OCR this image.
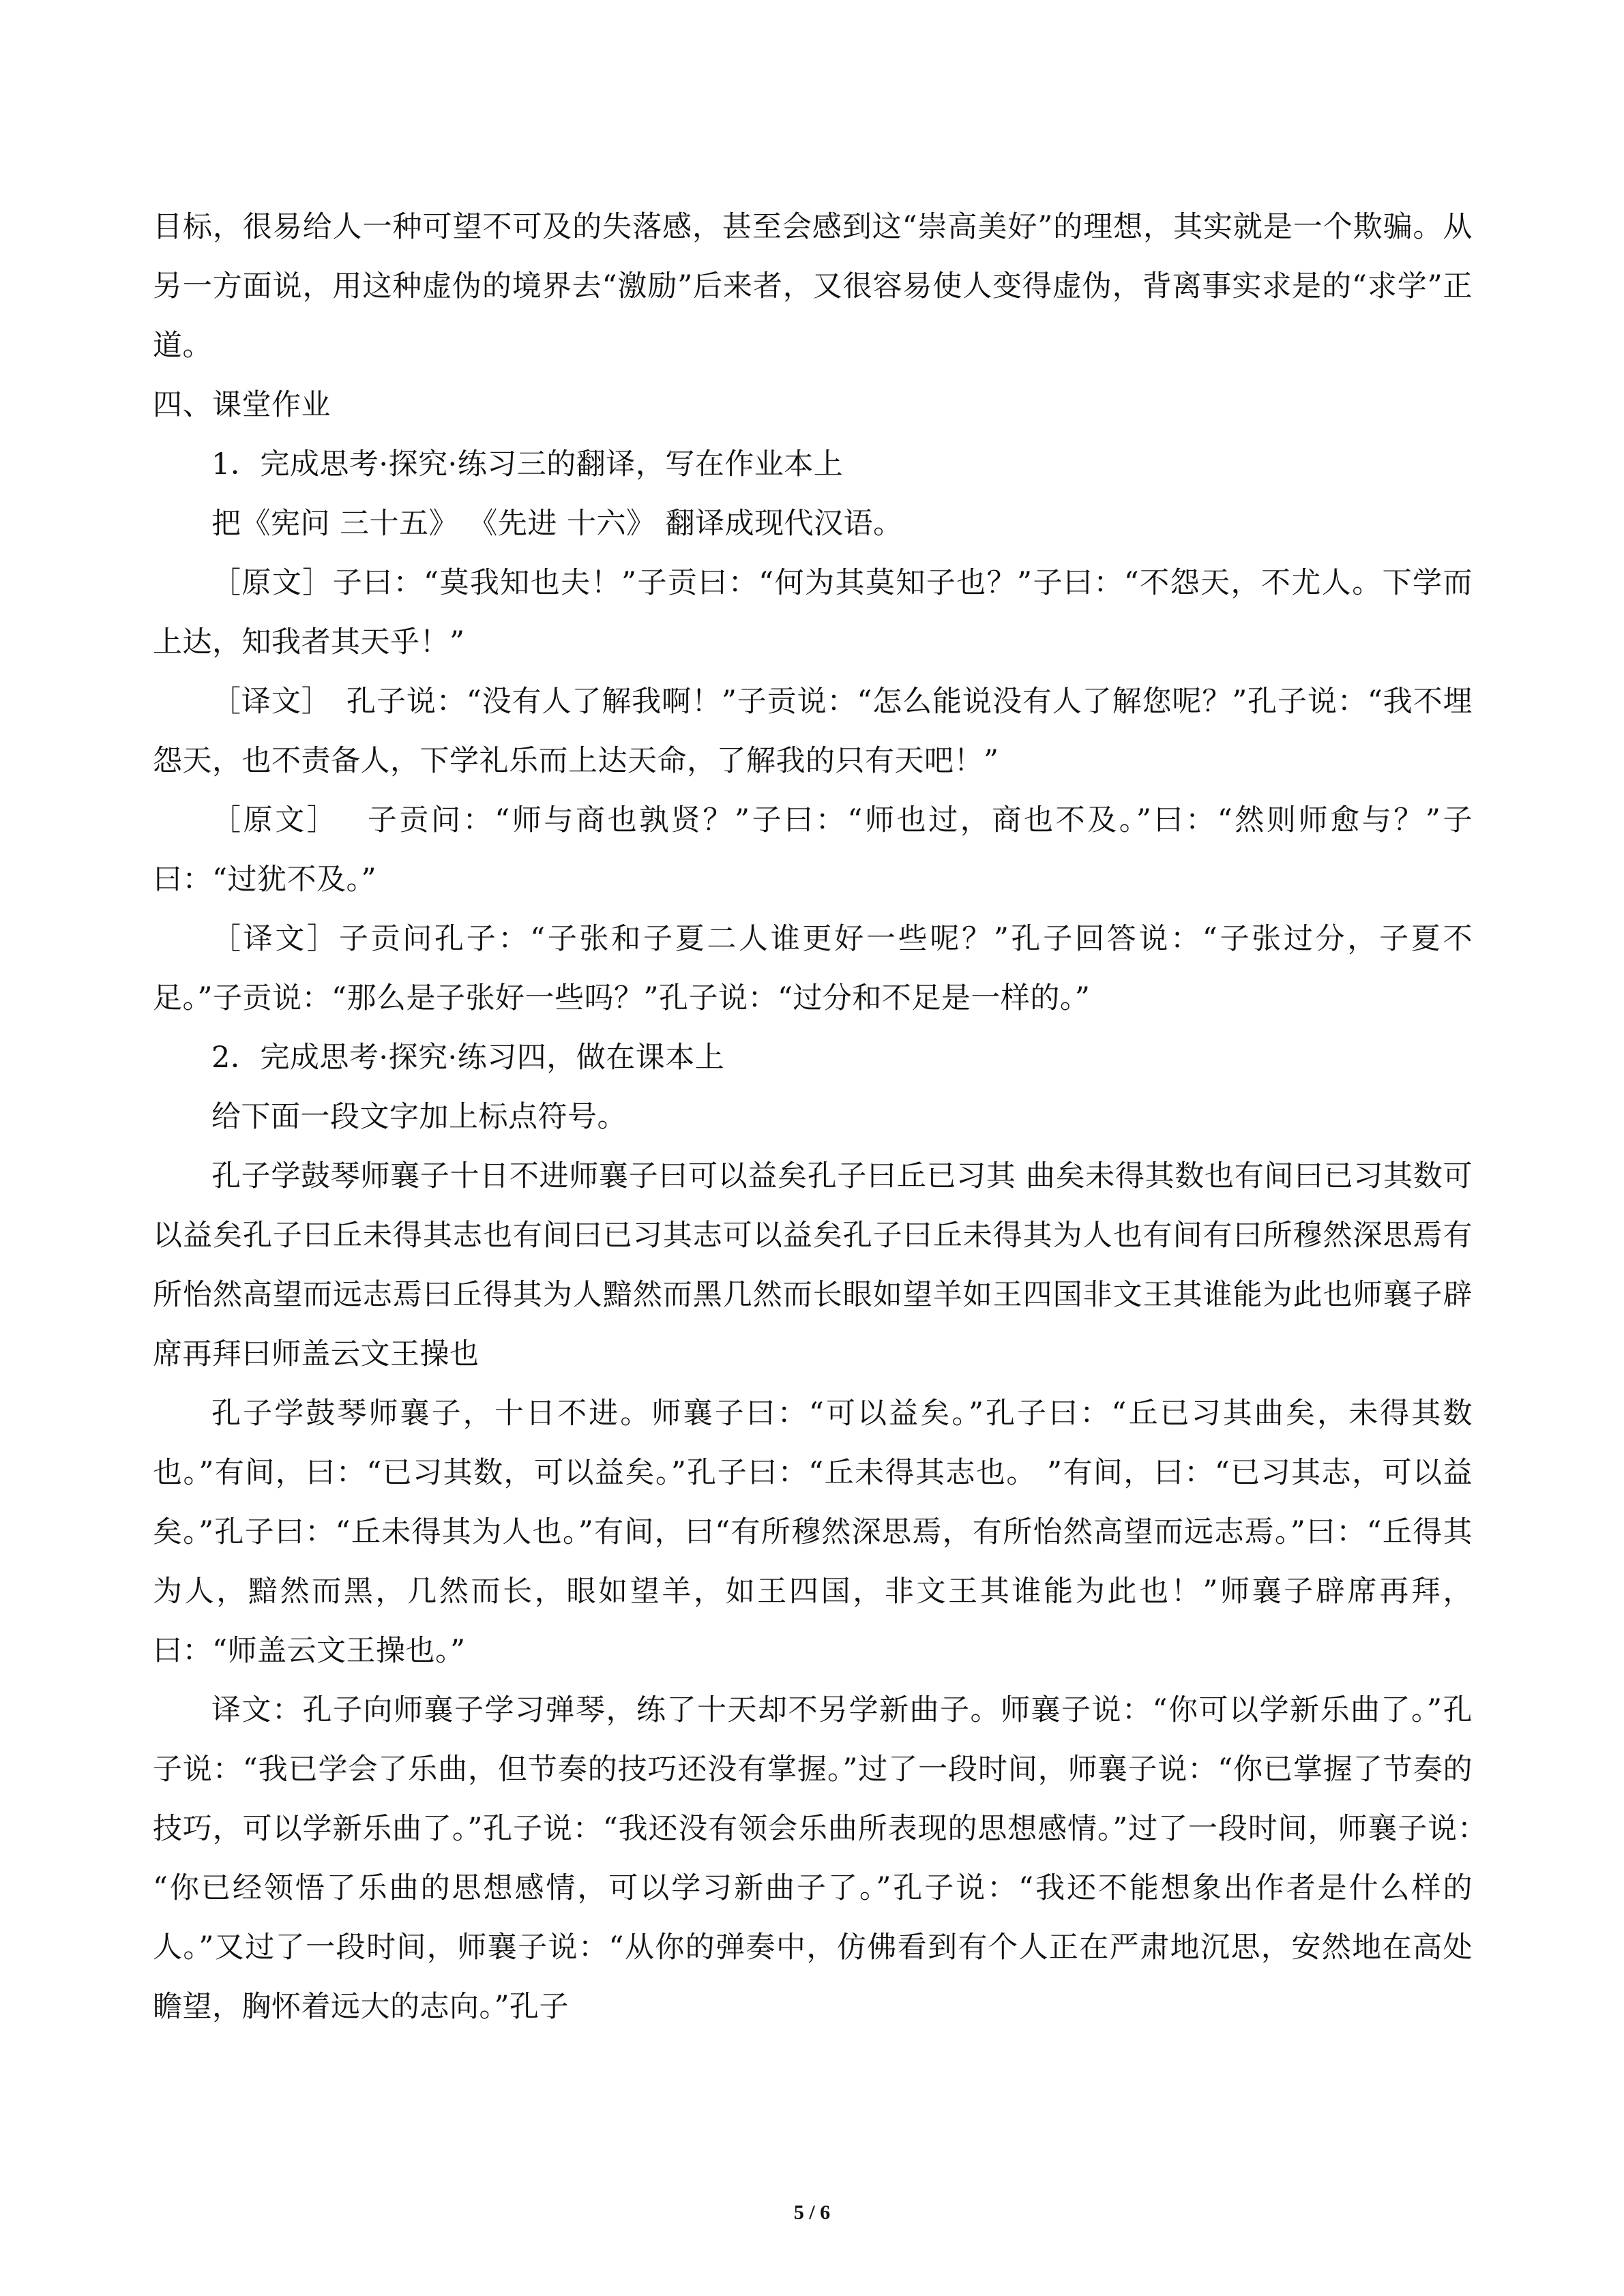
目标，很易给人一种可望不可及的失落感，甚至会感到这“崇高美好”的理想，其实就是一个欺骗。从另一方面说，用这种虚伪的境界去“激励”后来者，又很容易使人变得虚伪，背离事实求是的“求学”正道。

四、课堂作业

1．完成思考·探究·练习三的翻译，写在作业本上

把《宪问 三十五》 《先进 十六》 翻译成现代汉语。

［原文］子曰：“莫我知也夫！”子贡曰：“何为其莫知子也？”子曰：“不怨天，不尤人。下学而上达，知我者其天乎！”

［译文］　孔子说：“没有人了解我啊！”子贡说：“怎么能说没有人了解您呢？”孔子说：“我不埋怨天，也不责备人，下学礼乐而上达天命，了解我的只有天吧！”

［原文］　 子贡问：“师与商也孰贤？”子曰：“师也过，商也不及。”曰：“然则师愈与？”子曰：“过犹不及。”

［译文］子贡问孔子：“子张和子夏二人谁更好一些呢？”孔子回答说：“子张过分，子夏不足。”子贡说：“那么是子张好一些吗？”孔子说：“过分和不足是一样的。”

2．完成思考·探究·练习四，做在课本上

给下面一段文字加上标点符号。

孔子学鼓琴师襄子十日不进师襄子曰可以益矣孔子曰丘已习其 曲矣未得其数也有间曰已习其数可以益矣孔子曰丘未得其志也有间曰已习其志可以益矣孔子曰丘未得其为人也有间有曰所穆然深思焉有所怡然高望而远志焉曰丘得其为人黯然而黑几然而长眼如望羊如王四国非文王其谁能为此也师襄子辟席再拜曰师盖云文王操也

孔子学鼓琴师襄子，十日不进。师襄子曰：“可以益矣。”孔子曰：“丘已习其曲矣，未得其数也。”有间，曰：“已习其数，可以益矣。”孔子曰：“丘未得其志也。 ”有间，曰：“已习其志，可以益矣。”孔子曰：“丘未得其为人也。”有间，曰“有所穆然深思焉，有所怡然高望而远志焉。”曰：“丘得其为人，黯然而黑，几然而长，眼如望羊，如王四国，非文王其谁能为此也！”师襄子辟席再拜，曰：“师盖云文王操也。”

译文：孔子向师襄子学习弹琴，练了十天却不另学新曲子。师襄子说：“你可以学新乐曲了。”孔子说：“我已学会了乐曲，但节奏的技巧还没有掌握。”过了一段时间，师襄子说：“你已掌握了节奏的技巧，可以学新乐曲了。”孔子说：“我还没有领会乐曲所表现的思想感情。”过了一段时间，师襄子说：　　“你已经领悟了乐曲的思想感情，可以学习新曲子了。”孔子说：“我还不能想象出作者是什么样的人。”又过了一段时间，师襄子说：“从你的弹奏中，仿佛看到有个人正在严肃地沉思，安然地在高处瞻望，胸怀着远大的志向。”孔子

5 / 6
